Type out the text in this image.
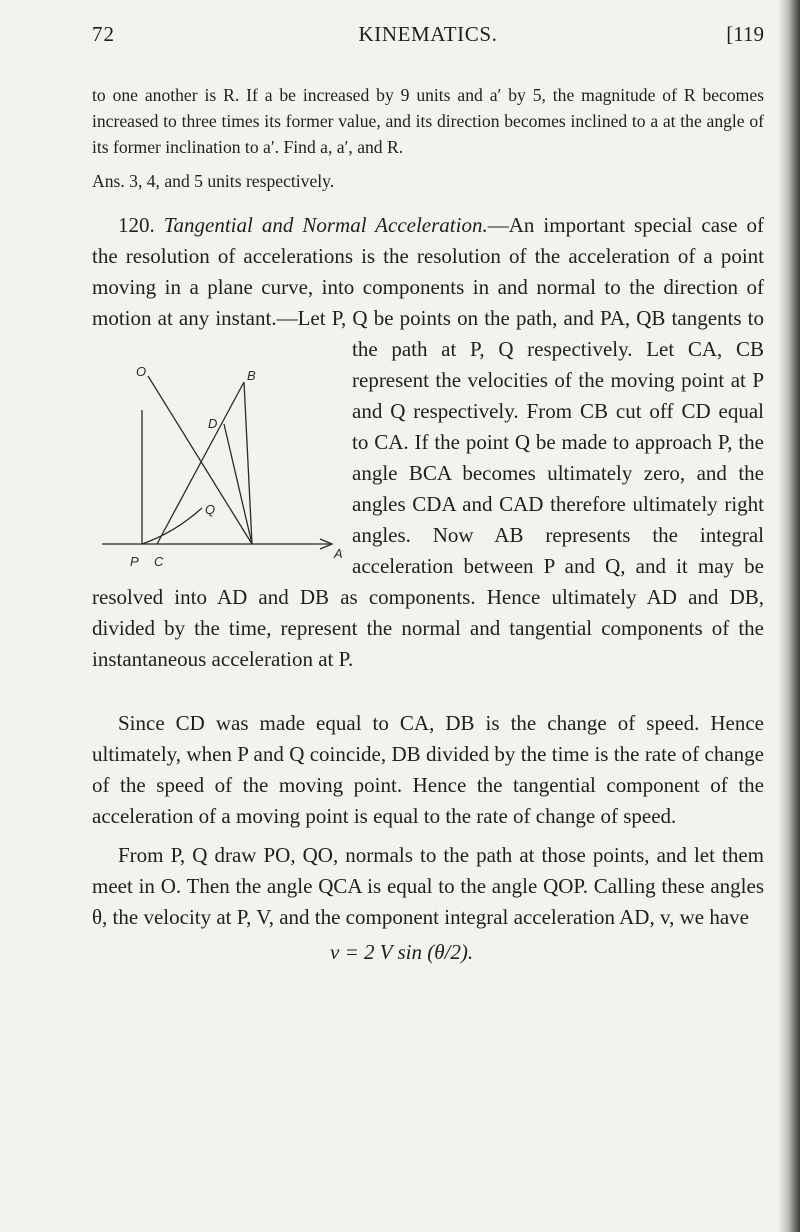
72	KINEMATICS.	[119

to one another is R. If a be increased by 9 units and a′ by 5, the magnitude of R becomes increased to three times its former value, and its direction becomes inclined to a at the angle of its former inclination to a′. Find a, a′, and R.

Ans. 3, 4, and 5 units respectively.

120. Tangential and Normal Acceleration.—An important special case of the resolution of accelerations is the resolution of the acceleration of a point moving in a plane curve, into components in and normal to the direction of motion at any instant.—Let P, Q be points on the path, and PA, QB tangents to the path at P, Q respectively. Let CA, CB represent the velocities of the moving point at P and Q respectively. From CB cut off CD equal to CA. If the point Q be made to approach P, the angle BCA becomes ultimately zero, and the angles CDA and CAD therefore ultimately right angles. Now AB represents the integral acceleration between P and Q, and it may be resolved into AD and DB as components. Hence ultimately AD and DB, divided by the time, represent the normal and tangential components of the instantaneous acceleration at P.

O	B
D
Q
P C
A

Since CD was made equal to CA, DB is the change of speed. Hence ultimately, when P and Q coincide, DB divided by the time is the rate of change of the speed of the moving point. Hence the tangential component of the acceleration of a moving point is equal to the rate of change of speed.

From P, Q draw PO, QO, normals to the path at those points, and let them meet in O. Then the angle QCA is equal to the angle QOP. Calling these angles θ, the velocity at P, V, and the component integral acceleration AD, v, we have

v = 2 V sin (θ/2).
